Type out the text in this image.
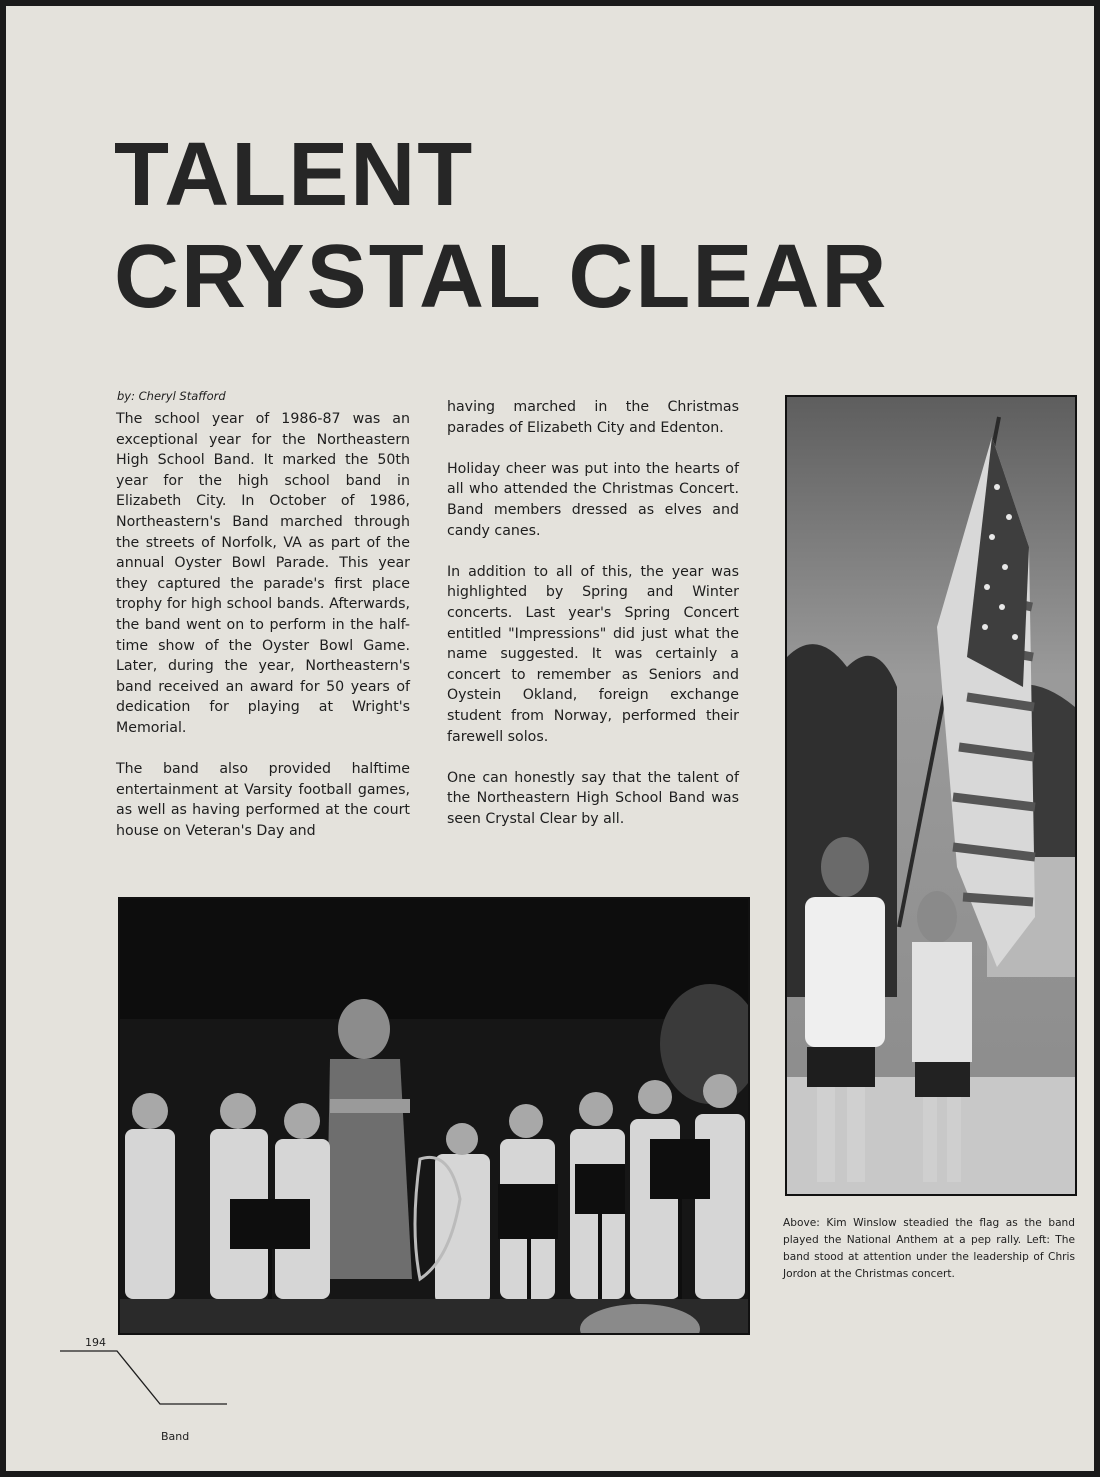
TALENT
CRYSTAL CLEAR
by: Cheryl Stafford

The school year of 1986-87 was an exceptional year for the Northeastern High School Band. It marked the 50th year for the high school band in Elizabeth City. In October of 1986, Northeastern's Band marched through the streets of Norfolk, VA as part of the annual Oyster Bowl Parade. This year they captured the parade's first place trophy for high school bands. Afterwards, the band went on to perform in the half-time show of the Oyster Bowl Game. Later, during the year, Northeastern's band received an award for 50 years of dedication for playing at Wright's Memorial.

The band also provided halftime entertainment at Varsity football games, as well as having performed at the court house on Veteran's Day and

having marched in the Christmas parades of Elizabeth City and Edenton.

Holiday cheer was put into the hearts of all who attended the Christmas Concert. Band members dressed as elves and candy canes.

In addition to all of this, the year was highlighted by Spring and Winter concerts. Last year's Spring Concert entitled "Impressions" did just what the name suggested. It was certainly a concert to remember as Seniors and Oystein Okland, foreign exchange student from Norway, performed their farewell solos.

One can honestly say that the talent of the Northeastern High School Band was seen Crystal Clear by all.

Above: Kim Winslow steadied the flag as the band played the National Anthem at a pep rally. Left: The band stood at attention under the leadership of Chris Jordon at the Christmas concert.

194
Band
